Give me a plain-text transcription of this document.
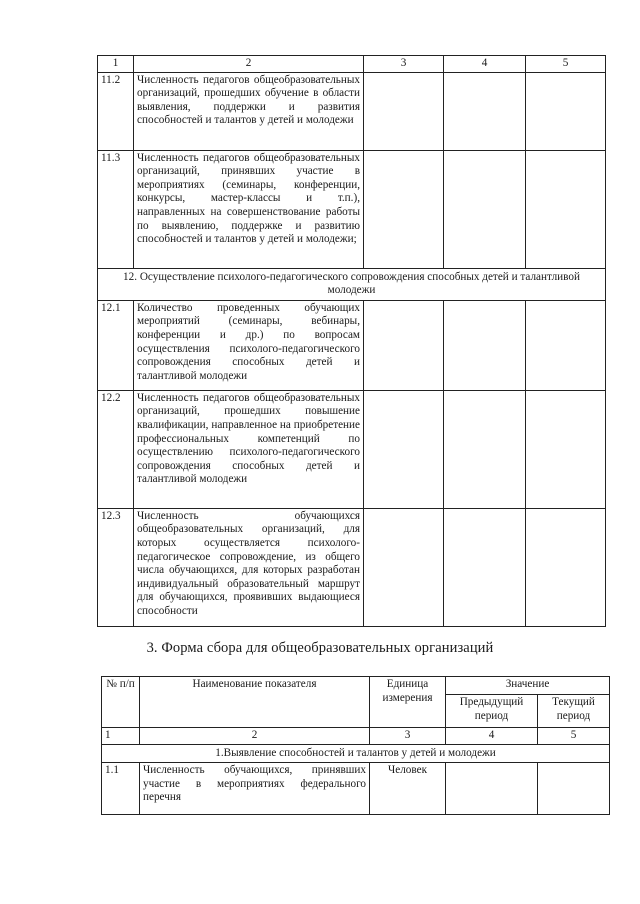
1	2	3	4	5
11.2	Численность педагогов общеобразовательных организаций, прошедших обучение в области выявления, поддержки и развития способностей и талантов у детей и молодежи			
11.3	Численность педагогов общеобразовательных организаций, принявших участие в мероприятиях (семинары, конференции, конкурсы, мастер-классы и т.п.), направленных на совершенствование работы по выявлению, поддержке и развитию способностей и талантов у детей и молодежи;			
12. Осуществление психолого-педагогического сопровождения способных детей и талантливой молодежи				
12.1	Количество проведенных обучающих мероприятий (семинары, вебинары, конференции и др.) по вопросам осуществления психолого-педагогического сопровождения способных детей и талантливой молодежи			
12.2	Численность педагогов общеобразовательных организаций, прошедших повышение квалификации, направленное на приобретение профессиональных компетенций по осуществлению психолого-педагогического сопровождения способных детей и талантливой молодежи			
12.3	Численность обучающихся общеобразовательных организаций, для которых осуществляется психолого-педагогическое сопровождение, из общего числа обучающихся, для которых разработан индивидуальный образовательный маршрут для обучающихся, проявивших выдающиеся способности			
3. Форма сбора для общеобразовательных организаций
№ п/п	Наименование показателя	Единица измерения	Значение	
			Предыдущий период	Текущий период
1	2	3	4	5
1.Выявление способностей и талантов у детей и молодежи				
1.1	Численность обучающихся, принявших участие в мероприятиях федерального перечня	Человек		
